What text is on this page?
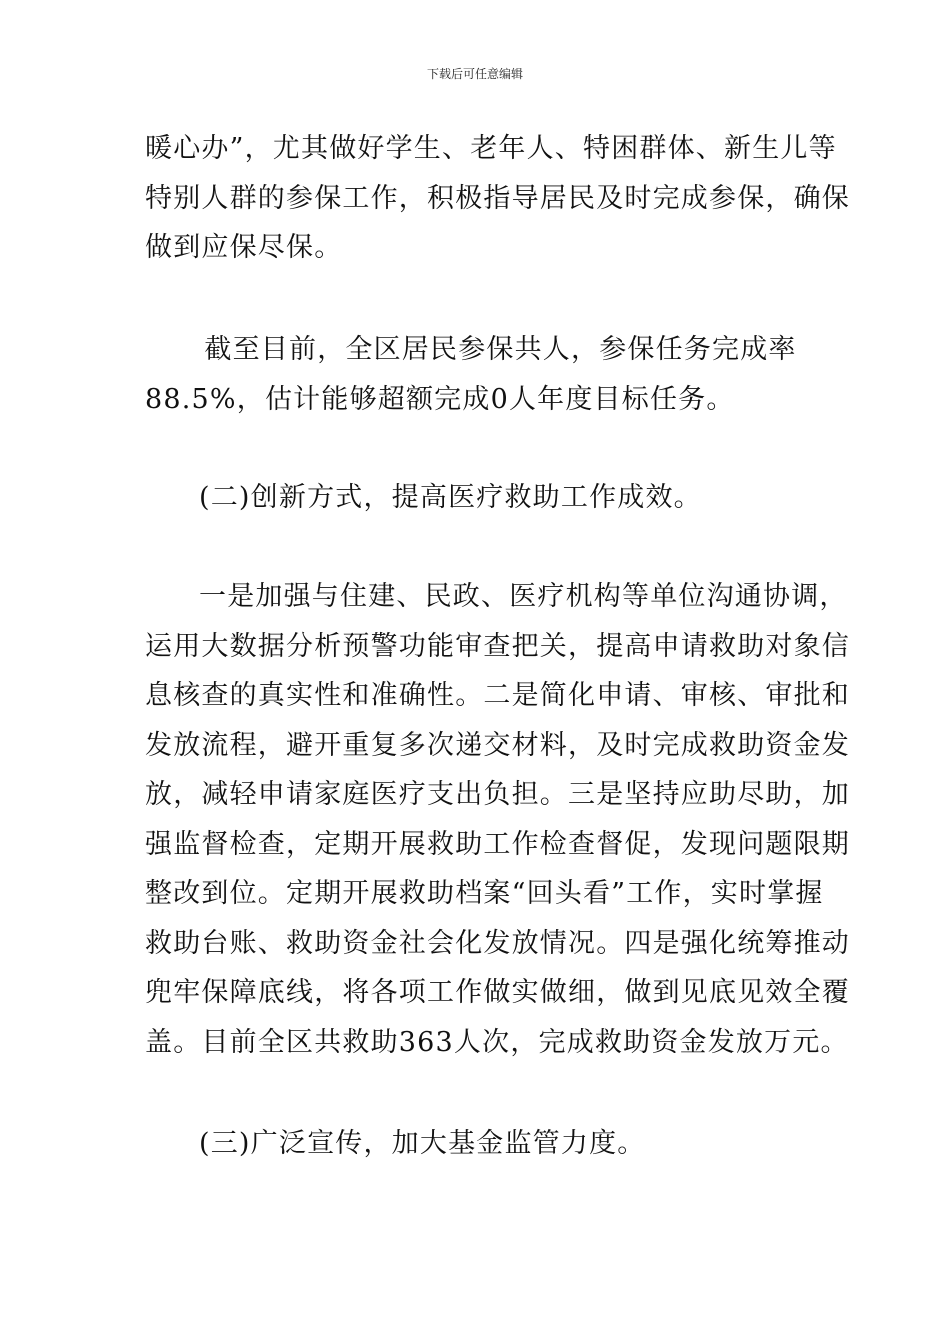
下载后可任意编辑
暖心办”，尤其做好学生、老年人、特困群体、新生儿等
特别人群的参保工作，积极指导居民及时完成参保，确保
做到应保尽保。
截至目前，全区居民参保共人，参保任务完成率
88.5%，估计能够超额完成0人年度目标任务。
(二)创新方式，提高医疗救助工作成效。
一是加强与住建、民政、医疗机构等单位沟通协调，
运用大数据分析预警功能审查把关，提高申请救助对象信
息核查的真实性和准确性。二是简化申请、审核、审批和
发放流程，避开重复多次递交材料，及时完成救助资金发
放，减轻申请家庭医疗支出负担。三是坚持应助尽助，加
强监督检查，定期开展救助工作检查督促，发现问题限期
整改到位。定期开展救助档案“回头看”工作，实时掌握
救助台账、救助资金社会化发放情况。四是强化统筹推动
兜牢保障底线，将各项工作做实做细，做到见底见效全覆
盖。目前全区共救助363人次，完成救助资金发放万元。
(三)广泛宣传，加大基金监管力度。
